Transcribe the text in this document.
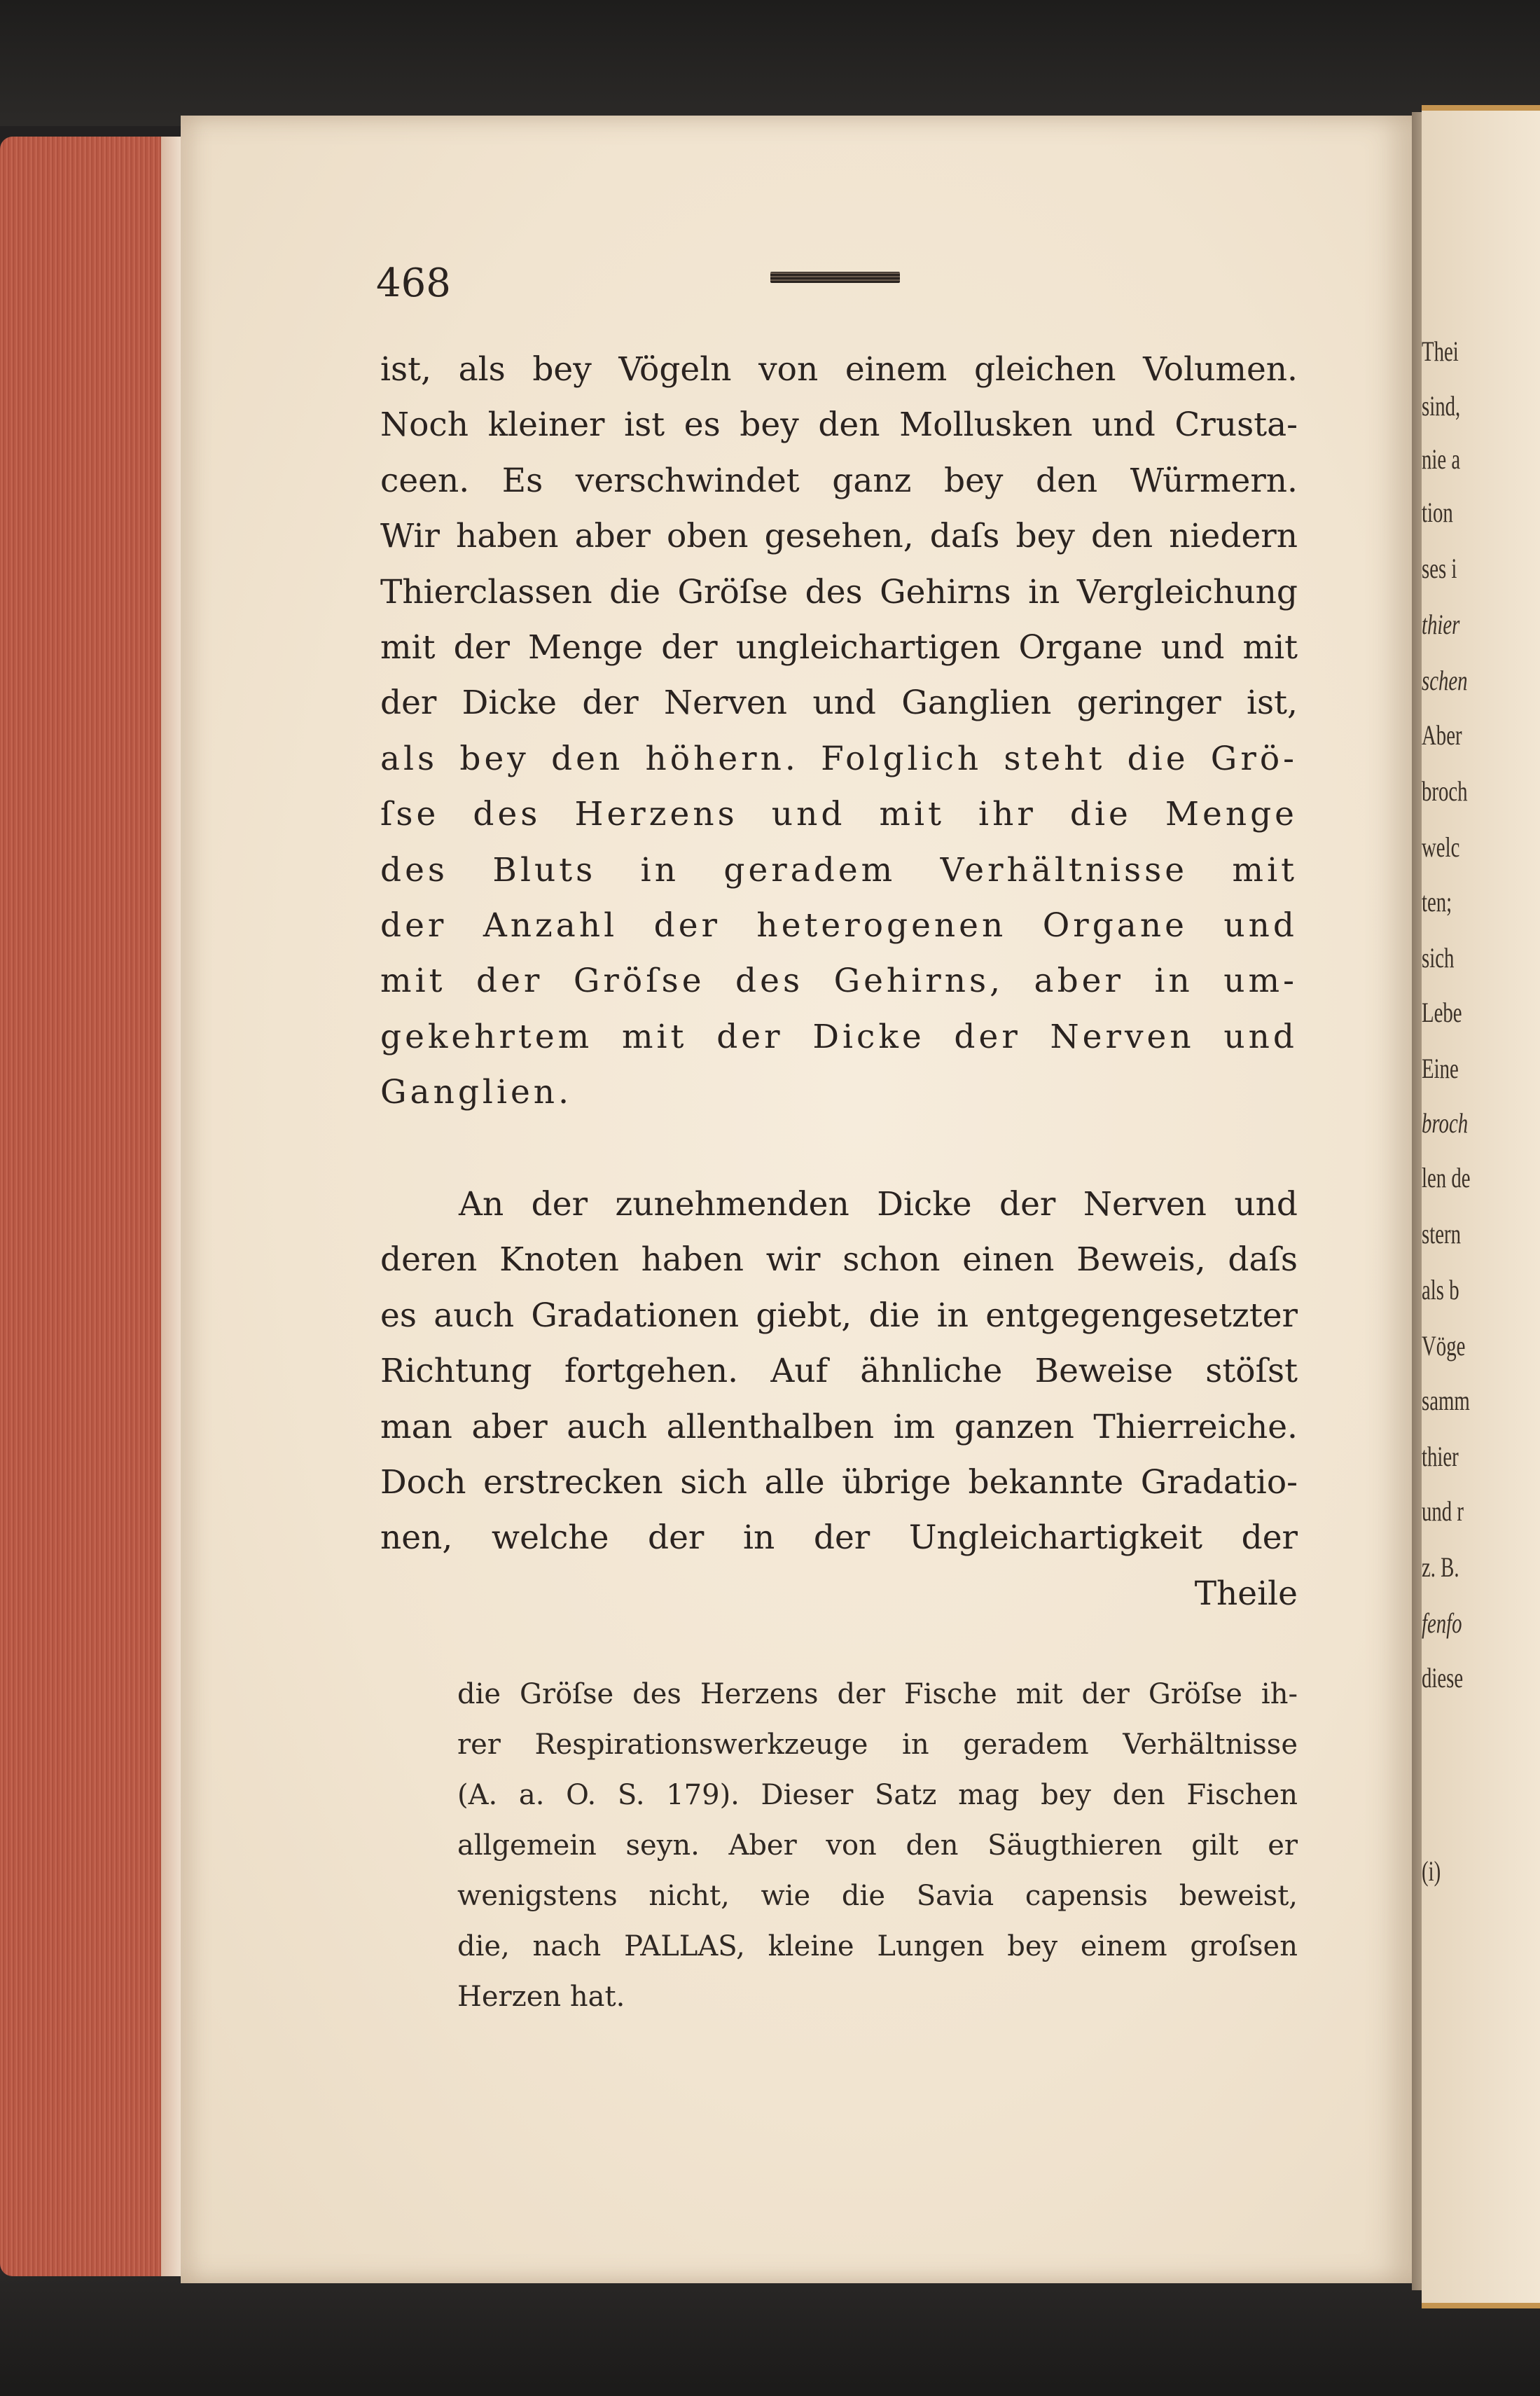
Thei
sind,
nie a
tion
ses i
thier
schen
Aber
broch
welc
ten;
sich
Lebe
Eine
broch
len de
stern
als b
Vöge
samm
thier
und r
z. B.
fenfo
diese
(i)
468
ist, als bey Vögeln von einem gleichen Volumen.
Noch kleiner ist es bey den Mollusken und Crusta-
ceen. Es verschwindet ganz bey den Würmern.
Wir haben aber oben gesehen, daſs bey den niedern
Thierclassen die Gröſse des Gehirns in Vergleichung
mit der Menge der ungleichartigen Organe und mit
der Dicke der Nerven und Ganglien geringer ist,
als bey den höhern. Folglich steht die Grö-
ſse des Herzens und mit ihr die Menge
des Bluts in geradem Verhältnisse mit
der Anzahl der heterogenen Organe und
mit der Gröſse des Gehirns, aber in um-
gekehrtem mit der Dicke der Nerven und
Ganglien.
An der zunehmenden Dicke der Nerven und
deren Knoten haben wir schon einen Beweis, daſs
es auch Gradationen giebt, die in entgegengesetzter
Richtung fortgehen. Auf ähnliche Beweise stöſst
man aber auch allenthalben im ganzen Thierreiche.
Doch erstrecken sich alle übrige bekannte Gradatio-
nen, welche der in der Ungleichartigkeit der
Theile
die Gröſse des Herzens der Fische mit der Gröſse ih-
rer Respirationswerkzeuge in geradem Verhältnisse
(A. a. O. S. 179). Dieser Satz mag bey den Fischen
allgemein seyn. Aber von den Säugthieren gilt er
wenigstens nicht, wie die Savia capensis beweist,
die, nach PALLAS, kleine Lungen bey einem groſsen
Herzen hat.
